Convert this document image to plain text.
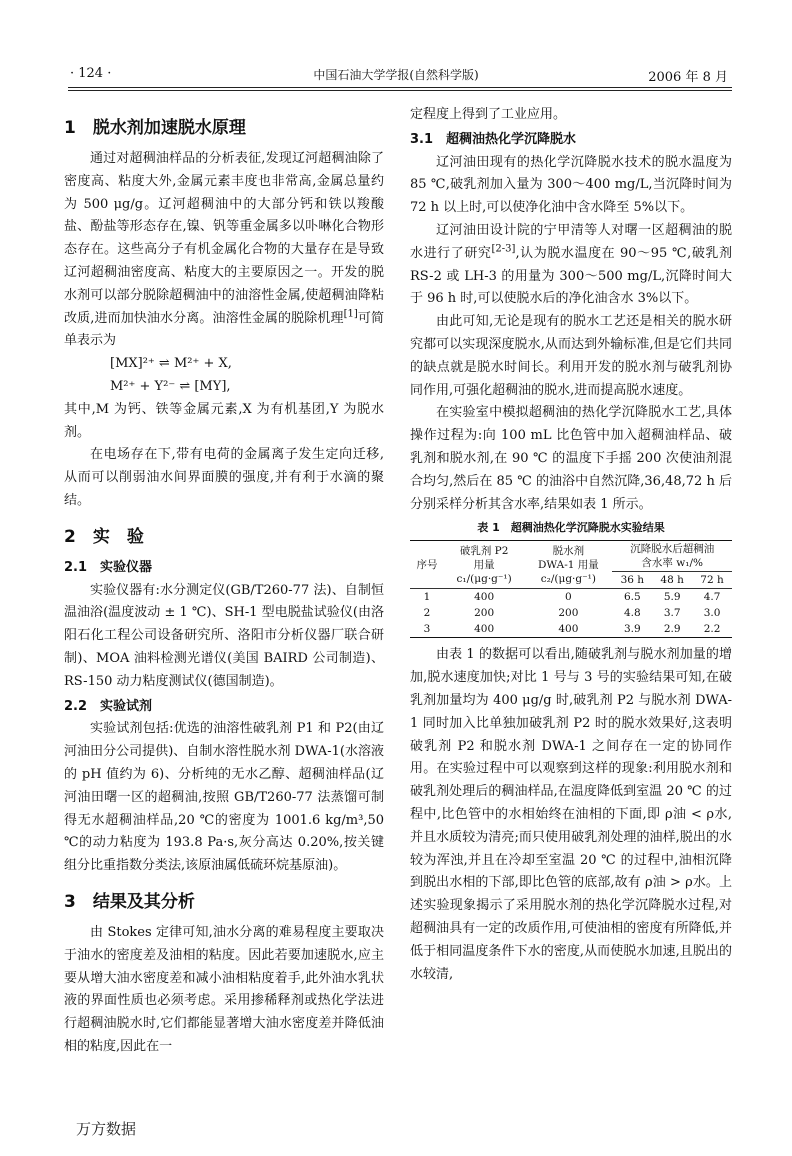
· 124 ·	中国石油大学学报(自然科学版)	2006 年 8 月
1　脱水剂加速脱水原理

通过对超稠油样品的分析表征,发现辽河超稠油除了密度高、粘度大外,金属元素丰度也非常高,金属总量约为 500 μg/g。辽河超稠油中的大部分钙和铁以羧酸盐、酚盐等形态存在,镍、钒等重金属多以卟啉化合物形态存在。这些高分子有机金属化合物的大量存在是导致辽河超稠油密度高、粘度大的主要原因之一。开发的脱水剂可以部分脱除超稠油中的油溶性金属,使超稠油降粘改质,进而加快油水分离。油溶性金属的脱除机理[1]可简单表示为

[MX]²⁺ ⇌ M²⁺ + X,

M²⁺ + Y²⁻ ⇌ [MY],

其中,M 为钙、铁等金属元素,X 为有机基团,Y 为脱水剂。

在电场存在下,带有电荷的金属离子发生定向迁移,从而可以削弱油水间界面膜的强度,并有利于水滴的聚结。

2　实　验
2.1　实验仪器

实验仪器有:水分测定仪(GB/T260-77 法)、自制恒温油浴(温度波动 ± 1 ℃)、SH-1 型电脱盐试验仪(由洛阳石化工程公司设备研究所、洛阳市分析仪器厂联合研制)、MOA 油料检测光谱仪(美国 BAIRD 公司制造)、RS-150 动力粘度测试仪(德国制造)。

2.2　实验试剂

实验试剂包括:优选的油溶性破乳剂 P1 和 P2(由辽河油田分公司提供)、自制水溶性脱水剂 DWA-1(水溶液的 pH 值约为 6)、分析纯的无水乙醇、超稠油样品(辽河油田曙一区的超稠油,按照 GB/T260-77 法蒸馏可制得无水超稠油样品,20 ℃的密度为 1001.6 kg/m³,50 ℃的动力粘度为 193.8 Pa·s,灰分高达 0.20%,按关键组分比重指数分类法,该原油属低硫环烷基原油)。

3　结果及其分析

由 Stokes 定律可知,油水分离的难易程度主要取决于油水的密度差及油相的粘度。因此若要加速脱水,应主要从增大油水密度差和减小油相粘度着手,此外油水乳状液的界面性质也必须考虑。采用掺稀释剂或热化学法进行超稠油脱水时,它们都能显著增大油水密度差并降低油相的粘度,因此在一

定程度上得到了工业应用。

3.1　超稠油热化学沉降脱水

辽河油田现有的热化学沉降脱水技术的脱水温度为 85 ℃,破乳剂加入量为 300～400 mg/L,当沉降时间为 72 h 以上时,可以使净化油中含水降至 5%以下。

辽河油田设计院的宁甲清等人对曙一区超稠油的脱水进行了研究[2-3],认为脱水温度在 90～95 ℃,破乳剂 RS-2 或 LH-3 的用量为 300～500 mg/L,沉降时间大于 96 h 时,可以使脱水后的净化油含水 3%以下。

由此可知,无论是现有的脱水工艺还是相关的脱水研究都可以实现深度脱水,从而达到外输标准,但是它们共同的缺点就是脱水时间长。利用开发的脱水剂与破乳剂协同作用,可强化超稠油的脱水,进而提高脱水速度。

在实验室中模拟超稠油的热化学沉降脱水工艺,具体操作过程为:向 100 mL 比色管中加入超稠油样品、破乳剂和脱水剂,在 90 ℃ 的温度下手摇 200 次使油剂混合均匀,然后在 85 ℃ 的油浴中自然沉降,36,48,72 h 后分别采样分析其含水率,结果如表 1 所示。

表 1　超稠油热化学沉降脱水实验结果
序号	破乳剂 P2
用量
c₁/(μg·g⁻¹)	脱水剂
DWA-1 用量
c₂/(μg·g⁻¹)	沉降脱水后超稠油
含水率 w₁/%		
			36 h	48 h	72 h
1	400	0	6.5	5.9	4.7
2	200	200	4.8	3.7	3.0
3	400	400	3.9	2.9	2.2

由表 1 的数据可以看出,随破乳剂与脱水剂加量的增加,脱水速度加快;对比 1 号与 3 号的实验结果可知,在破乳剂加量均为 400 μg/g 时,破乳剂 P2 与脱水剂 DWA-1 同时加入比单独加破乳剂 P2 时的脱水效果好,这表明破乳剂 P2 和脱水剂 DWA-1 之间存在一定的协同作用。在实验过程中可以观察到这样的现象:利用脱水剂和破乳剂处理后的稠油样品,在温度降低到室温 20 ℃ 的过程中,比色管中的水相始终在油相的下面,即 ρ油 < ρ水,并且水质较为清亮;而只使用破乳剂处理的油样,脱出的水较为浑浊,并且在冷却至室温 20 ℃ 的过程中,油相沉降到脱出水相的下部,即比色管的底部,故有 ρ油 > ρ水。上述实验现象揭示了采用脱水剂的热化学沉降脱水过程,对超稠油具有一定的改质作用,可使油相的密度有所降低,并低于相同温度条件下水的密度,从而使脱水加速,且脱出的水较清,

万方数据
